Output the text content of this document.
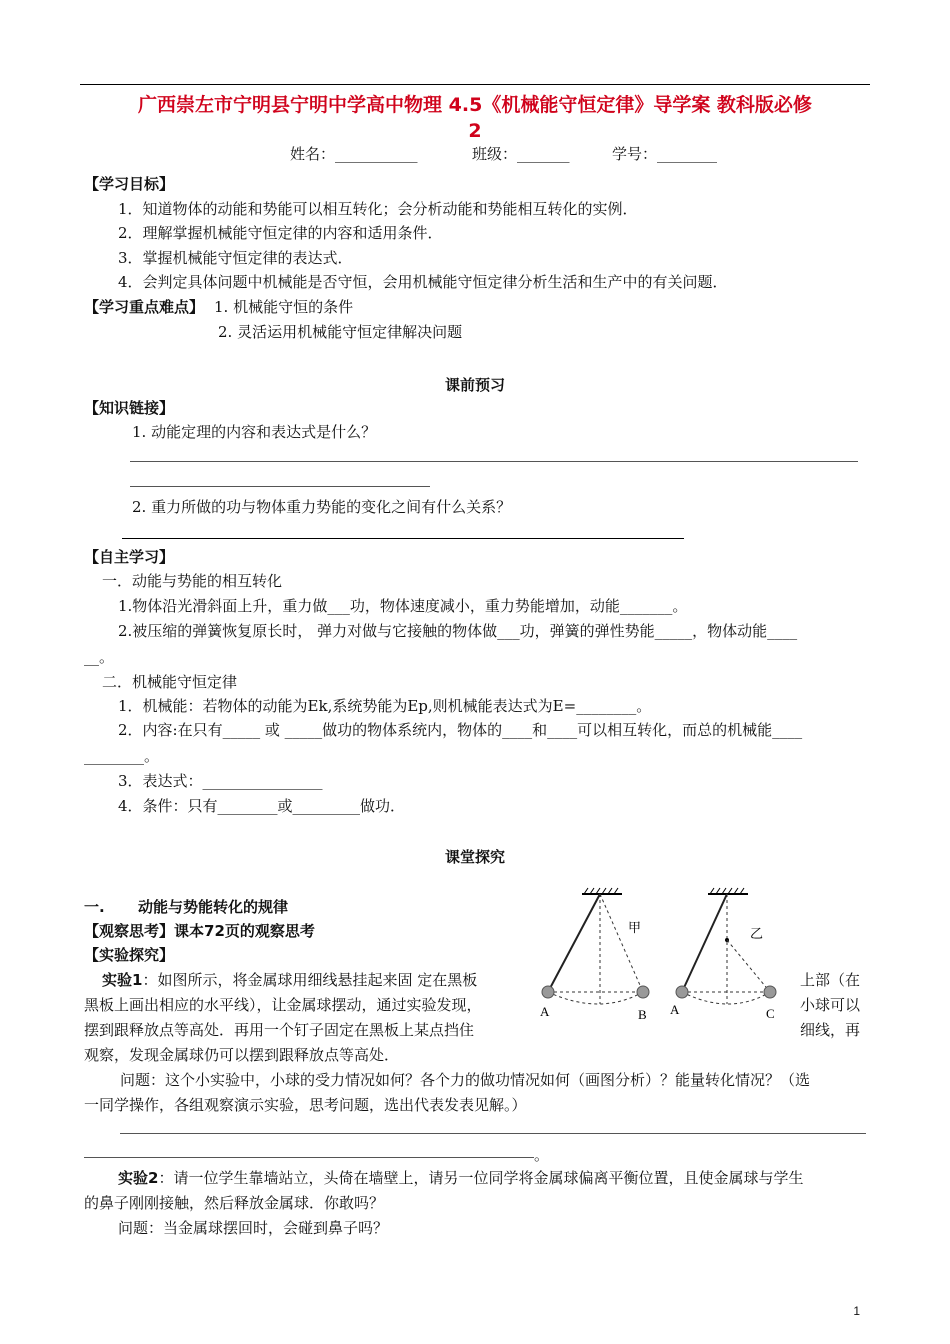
广西崇左市宁明县宁明中学高中物理 4.5《机械能守恒定律》导学案 教科版必修
2
姓名：___________	班级：_______	学号：________
【学习目标】
1．知道物体的动能和势能可以相互转化；会分析动能和势能相互转化的实例．
2．理解掌握机械能守恒定律的内容和适用条件．
3．掌握机械能守恒定律的表达式．
4．会判定具体问题中机械能是否守恒，会用机械能守恒定律分析生活和生产中的有关问题．
【学习重点难点】 1. 机械能守恒的条件
2. 灵活运用机械能守恒定律解决问题
课前预习
【知识链接】
1. 动能定理的内容和表达式是什么？
2. 重力所做的功与物体重力势能的变化之间有什么关系？
【自主学习】
一．动能与势能的相互转化
1.物体沿光滑斜面上升，重力做___功，物体速度减小，重力势能增加，动能_______。
2.被压缩的弹簧恢复原长时， 弹力对做与它接触的物体做___功，弹簧的弹性势能_____，物体动能____
__。
二．机械能守恒定律
1．机械能：若物体的动能为Ek,系统势能为Ep,则机械能表达式为E=________。
2．内容:在只有_____ 或 _____做功的物体系统内，物体的____和____可以相互转化，而总的机械能____
________。
3．表达式：________________
4．条件：只有________或_________做功．
课堂探究
一. 动能与势能转化的规律
【观察思考】课本72页的观察思考
【实验探究】
实验1：如图所示，将金属球用细线悬挂起来固 定在黑板	上部（在
黑板上画出相应的水平线），让金属球摆动，通过实验发现，	小球可以
摆到跟释放点等高处．再用一个钉子固定在黑板上某点挡住	细线，再
观察，发现金属球仍可以摆到跟释放点等高处．
问题：这个小实验中，小球的受力情况如何？各个力的做功情况如何（画图分析）？能量转化情况？（选
一同学操作，各组观察演示实验，思考问题，选出代表发表见解。）
。
实验2：请一位学生靠墙站立，头倚在墙壁上，请另一位同学将金属球偏离平衡位置，且使金属球与学生
的鼻子刚刚接触，然后释放金属球．你敢吗？
问题：当金属球摆回时，会碰到鼻子吗？
甲
A	B
乙
A	C
1
